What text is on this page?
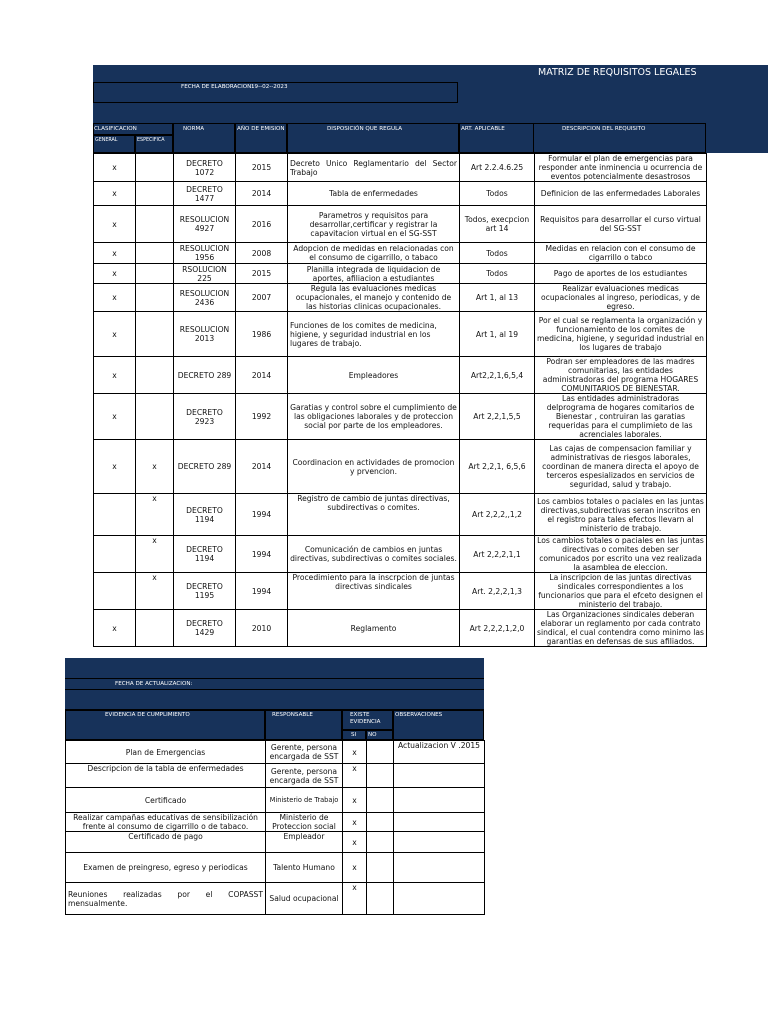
MATRIZ DE REQUISITOS LEGALES
FECHA DE ELABORACION:
19--02--2023
CLASIFICACION
GENERAL	ESPECIFICA
NORMA	AÑO DE EMISION	DISPOSICIÓN QUE REGULA	ART. APLICABLE	DESCRIPCION DEL REQUISITO
x		DECRETO 1072	2015	Decreto Unico Reglamentario del Sector Trabajo	Art 2.2.4.6.25	Formular el plan de emergencias para responder ante inminencia u ocurrencia de eventos potencialmente desastrosos
x		DECRETO 1477	2014	Tabla de enfermedades	Todos	Definicion de las enfermedades Laborales
x		RESOLUCION 4927	2016	Parametros y requisitos para desarrollar,certificar y registrar la capavitacion virtual en el SG-SST	Todos, execpcion art 14	Requisitos para desarrollar el curso virtual del SG-SST
x		RESOLUCION 1956	2008	Adopcion de medidas en relacionadas con el consumo de cigarrillo, o tabaco	Todos	Medidas en relacion con el consumo de cigarrillo o tabco
x		RSOLUCION 225	2015	Planilla integrada de liquidacion de aportes, afiliacion a estudiantes	Todos	Pago de aportes de los estudiantes
x		RESOLUCION 2436	2007	Regula las evaluaciones medicas ocupacionales, el manejo y contenido de las historias clinicas ocupacionales.	Art 1, al 13	Realizar evaluaciones medicas ocupacionales al ingreso, periodicas, y de egreso.
x		RESOLUCION 2013	1986	Funciones de los comites de medicina, higiene, y seguridad industrial en los lugares de trabajo.	Art 1, al 19	Por el cual se reglamenta la organización y funcionamiento de los comites de medicina, higiene, y seguridad industrial en los lugares de trabajo
x		DECRETO 289	2014	Empleadores	Art2,2,1,6,5,4	Podran ser empleadores de las madres comunitarias, las entidades administradoras del programa HOGARES COMUNITARIOS DE BIENESTAR.
x		DECRETO 2923	1992	Garatias y control sobre el cumplimiento de las obligaciones laborales y de proteccion social por parte de los empleadores.	Art 2,2,1,5,5	Las entidades administradoras delprograma de hogares comitarios de Bienestar , contruiran las garatias requeridas para el cumplimieto de las acrenciales laborales.
x	x	DECRETO 289	2014	Coordinacion en actividades de promocion y prvencion.	Art 2,2,1, 6,5,6	Las cajas de compensacion familiar y administrativas de riesgos laborales, coordinan de manera directa el apoyo de terceros espesializados en servicios de seguridad, salud y trabajo.
	x	DECRETO 1194	1994	Registro de cambio de juntas directivas, subdirectivas o comites.	Art 2,2,2,,1,2	Los cambios totales o paciales en las juntas directivas,subdirectivas seran inscritos en el registro para tales efectos llevarn al ministerio de trabajo.
	x	DECRETO 1194	1994	Comunicación de cambios en juntas directivas, subdirectivas o comites sociales.	Art 2,2,2,1,1	Los cambios totales o paciales en las juntas directivas o comites deben ser comunicados por escrito una vez realizada la asamblea de eleccion.
	x	DECRETO 1195	1994	Procedimiento para la inscrpcion de juntas directivas sindicales	Art. 2,2,2,1,3	La inscripcion de las juntas directivas sindicales correspondientes a los funcionarios que para el efceto designen el ministerio del trabajo.
x		DECRETO 1429	2010	Reglamento	Art 2,2,2,1,2,0	Las Organizaciones sindicales deberan elaborar un reglamento por cada contrato sindical, el cual contendra como minimo las garantias en defensas de sus afiliados.
FECHA DE ACTUALIZACION:
EVIDENCIA DE CUMPLIMIENTO	RESPONSABLE	EXISTE EVIDENCIA
SI NO
OBSERVACIONES
Plan de Emergencias	Gerente, persona encargada de SST	x		Actualizacion V .2015
Descripcion de la tabla de enfermedades	Gerente, persona encargada de SST	x		
Certificado	Ministerio de Trabajo	x		
Realizar campañas educativas de sensibilización frente al consumo de cigarrillo o de tabaco.	Ministerio de Proteccion social	x		
Certificado de pago	Empleador	x		
Examen de preingreso, egreso y periodicas	Talento Humano	x		
Reuniones realizadas por el COPASST mensualmente.	Salud ocupacional	x		
